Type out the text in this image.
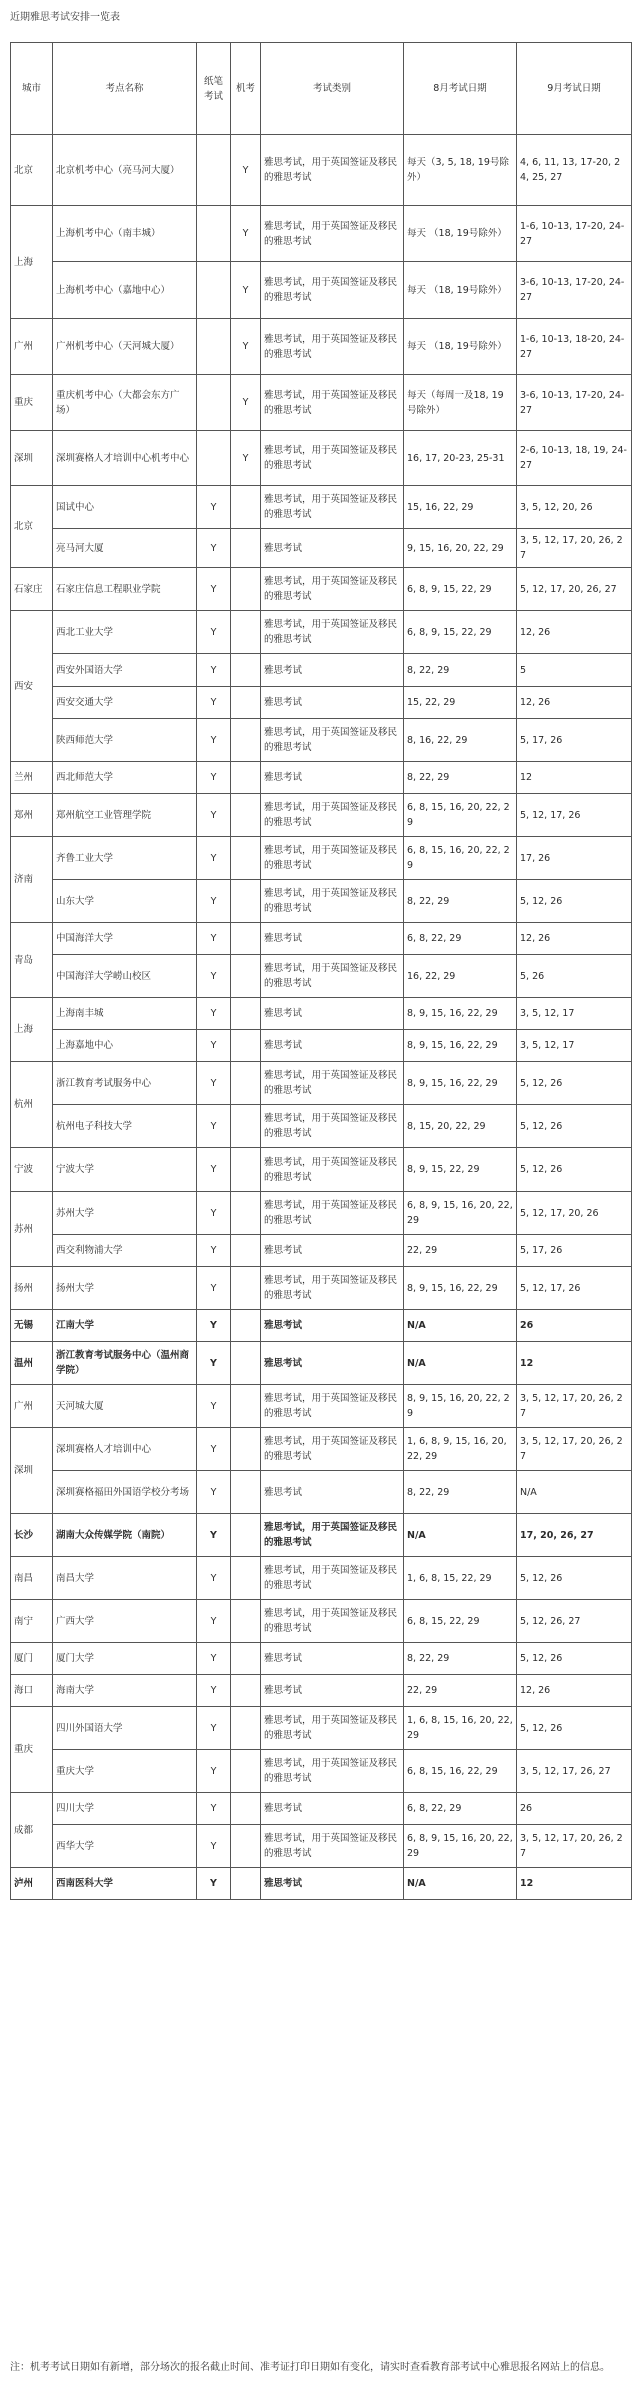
近期雅思考试安排一览表
城市	考点名称	纸笔考试	机考	考试类别	8月考试日期	9月考试日期
北京	北京机考中心（亮马河大厦）		Y	雅思考试，用于英国签证及移民的雅思考试	每天（3, 5, 18, 19号除外）	4, 6, 11, 13, 17-20, 24, 25, 27
上海	上海机考中心（南丰城）		Y	雅思考试，用于英国签证及移民的雅思考试	每天 （18, 19号除外）	1-6, 10-13, 17-20, 24-27
	上海机考中心（嘉地中心）		Y	雅思考试，用于英国签证及移民的雅思考试	每天 （18, 19号除外）	3-6, 10-13, 17-20, 24-27
广州	广州机考中心（天河城大厦）		Y	雅思考试，用于英国签证及移民的雅思考试	每天 （18, 19号除外）	1-6, 10-13, 18-20, 24-27
重庆	重庆机考中心（大都会东方广场）		Y	雅思考试，用于英国签证及移民的雅思考试	每天（每周一及18, 19号除外）	3-6, 10-13, 17-20, 24-27
深圳	深圳赛格人才培训中心机考中心		Y	雅思考试，用于英国签证及移民的雅思考试	16, 17, 20-23, 25-31	2-6, 10-13, 18, 19, 24-27
北京	国试中心	Y		雅思考试，用于英国签证及移民的雅思考试	15, 16, 22, 29	3, 5, 12, 20, 26
	亮马河大厦	Y		雅思考试	9, 15, 16, 20, 22, 29	3, 5, 12, 17, 20, 26, 27
石家庄	石家庄信息工程职业学院	Y		雅思考试，用于英国签证及移民的雅思考试	6, 8, 9, 15, 22, 29	5, 12, 17, 20, 26, 27
西安	西北工业大学	Y		雅思考试，用于英国签证及移民的雅思考试	6, 8, 9, 15, 22, 29	12, 26
	西安外国语大学	Y		雅思考试	8, 22, 29	5
	西安交通大学	Y		雅思考试	15, 22, 29	12, 26
	陕西师范大学	Y		雅思考试，用于英国签证及移民的雅思考试	8, 16, 22, 29	5, 17, 26
兰州	西北师范大学	Y		雅思考试	8, 22, 29	12
郑州	郑州航空工业管理学院	Y		雅思考试，用于英国签证及移民的雅思考试	6, 8, 15, 16, 20, 22, 29	5, 12, 17, 26
济南	齐鲁工业大学	Y		雅思考试，用于英国签证及移民的雅思考试	6, 8, 15, 16, 20, 22, 29	17, 26
	山东大学	Y		雅思考试，用于英国签证及移民的雅思考试	8, 22, 29	5, 12, 26
青岛	中国海洋大学	Y		雅思考试	6, 8, 22, 29	12, 26
	中国海洋大学崂山校区	Y		雅思考试，用于英国签证及移民的雅思考试	16, 22, 29	5, 26
上海	上海南丰城	Y		雅思考试	8, 9, 15, 16, 22, 29	3, 5, 12, 17
	上海嘉地中心	Y		雅思考试	8, 9, 15, 16, 22, 29	3, 5, 12, 17
杭州	浙江教育考试服务中心	Y		雅思考试，用于英国签证及移民的雅思考试	8, 9, 15, 16, 22, 29	5, 12, 26
	杭州电子科技大学	Y		雅思考试，用于英国签证及移民的雅思考试	8, 15, 20, 22, 29	5, 12, 26
宁波	宁波大学	Y		雅思考试，用于英国签证及移民的雅思考试	8, 9, 15, 22, 29	5, 12, 26
苏州	苏州大学	Y		雅思考试，用于英国签证及移民的雅思考试	6, 8, 9, 15, 16, 20, 22, 29	5, 12, 17, 20, 26
	西交利物浦大学	Y		雅思考试	22, 29	5, 17, 26
扬州	扬州大学	Y		雅思考试，用于英国签证及移民的雅思考试	8, 9, 15, 16, 22, 29	5, 12, 17, 26
无锡	江南大学	Y		雅思考试	N/A	26
温州	浙江教育考试服务中心（温州商学院）	Y		雅思考试	N/A	12
广州	天河城大厦	Y		雅思考试，用于英国签证及移民的雅思考试	8, 9, 15, 16, 20, 22, 29	3, 5, 12, 17, 20, 26, 27
深圳	深圳赛格人才培训中心	Y		雅思考试，用于英国签证及移民的雅思考试	1, 6, 8, 9, 15, 16, 20, 22, 29	3, 5, 12, 17, 20, 26, 27
	深圳赛格福田外国语学校分考场	Y		雅思考试	8, 22, 29	N/A
长沙	湖南大众传媒学院（南院）	Y		雅思考试，用于英国签证及移民的雅思考试	N/A	17, 20, 26, 27
南昌	南昌大学	Y		雅思考试，用于英国签证及移民的雅思考试	1, 6, 8, 15, 22, 29	5, 12, 26
南宁	广西大学	Y		雅思考试，用于英国签证及移民的雅思考试	6, 8, 15, 22, 29	5, 12, 26, 27
厦门	厦门大学	Y		雅思考试	8, 22, 29	5, 12, 26
海口	海南大学	Y		雅思考试	22, 29	12, 26
重庆	四川外国语大学	Y		雅思考试，用于英国签证及移民的雅思考试	1, 6, 8, 15, 16, 20, 22, 29	5, 12, 26
	重庆大学	Y		雅思考试，用于英国签证及移民的雅思考试	6, 8, 15, 16, 22, 29	3, 5, 12, 17, 26, 27
成都	四川大学	Y		雅思考试	6, 8, 22, 29	26
	西华大学	Y		雅思考试，用于英国签证及移民的雅思考试	6, 8, 9, 15, 16, 20, 22, 29	3, 5, 12, 17, 20, 26, 27
泸州	西南医科大学	Y		雅思考试	N/A	12
注：机考考试日期如有新增，部分场次的报名截止时间、准考证打印日期如有变化，请实时查看教育部考试中心雅思报名网站上的信息。
